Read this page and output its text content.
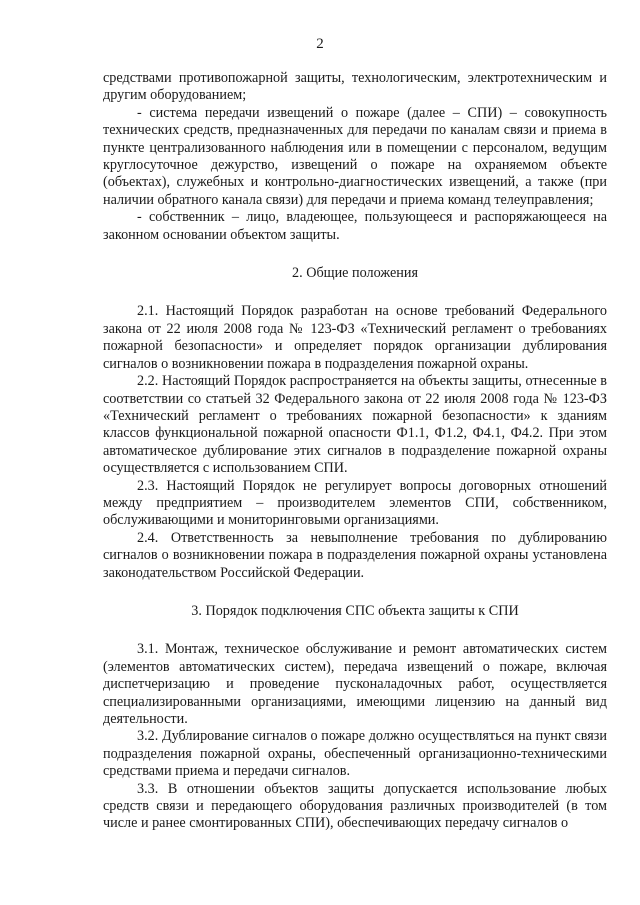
2

средствами противопожарной защиты, технологическим, электротехническим и другим оборудованием;

- система передачи извещений о пожаре (далее – СПИ) – совокупность технических средств, предназначенных для передачи по каналам связи и приема в пункте централизованного наблюдения или в помещении с персоналом, ведущим круглосуточное дежурство, извещений о пожаре на охраняемом объекте (объектах), служебных и контрольно-диагностических извещений, а также (при наличии обратного канала связи) для передачи и приема команд телеуправления;

- собственник – лицо, владеющее, пользующееся и распоряжающееся на законном основании объектом защиты.

2. Общие положения

2.1. Настоящий Порядок разработан на основе требований Федерального закона от 22 июля 2008 года № 123-ФЗ «Технический регламент о требованиях пожарной безопасности» и определяет порядок организации дублирования сигналов о возникновении пожара в подразделения пожарной охраны.

2.2. Настоящий Порядок распространяется на объекты защиты, отнесенные в соответствии со статьей 32 Федерального закона от 22 июля 2008 года № 123-ФЗ «Технический регламент о требованиях пожарной безопасности» к зданиям классов функциональной пожарной опасности Ф1.1, Ф1.2, Ф4.1, Ф4.2. При этом автоматическое дублирование этих сигналов в подразделение пожарной охраны осуществляется с использованием СПИ.

2.3. Настоящий Порядок не регулирует вопросы договорных отношений между предприятием – производителем элементов СПИ, собственником, обслуживающими и мониторинговыми организациями.

2.4. Ответственность за невыполнение требования по дублированию сигналов о возникновении пожара в подразделения пожарной охраны установлена законодательством Российской Федерации.

3. Порядок подключения СПС объекта защиты к СПИ

3.1. Монтаж, техническое обслуживание и ремонт автоматических систем (элементов автоматических систем), передача извещений о пожаре, включая диспетчеризацию и проведение пусконаладочных работ, осуществляется специализированными организациями, имеющими лицензию на данный вид деятельности.

3.2. Дублирование сигналов о пожаре должно осуществляться на пункт связи подразделения пожарной охраны, обеспеченный организационно-техническими средствами приема и передачи сигналов.

3.3. В отношении объектов защиты допускается использование любых средств связи и передающего оборудования различных производителей (в том числе и ранее смонтированных СПИ), обеспечивающих передачу сигналов о
